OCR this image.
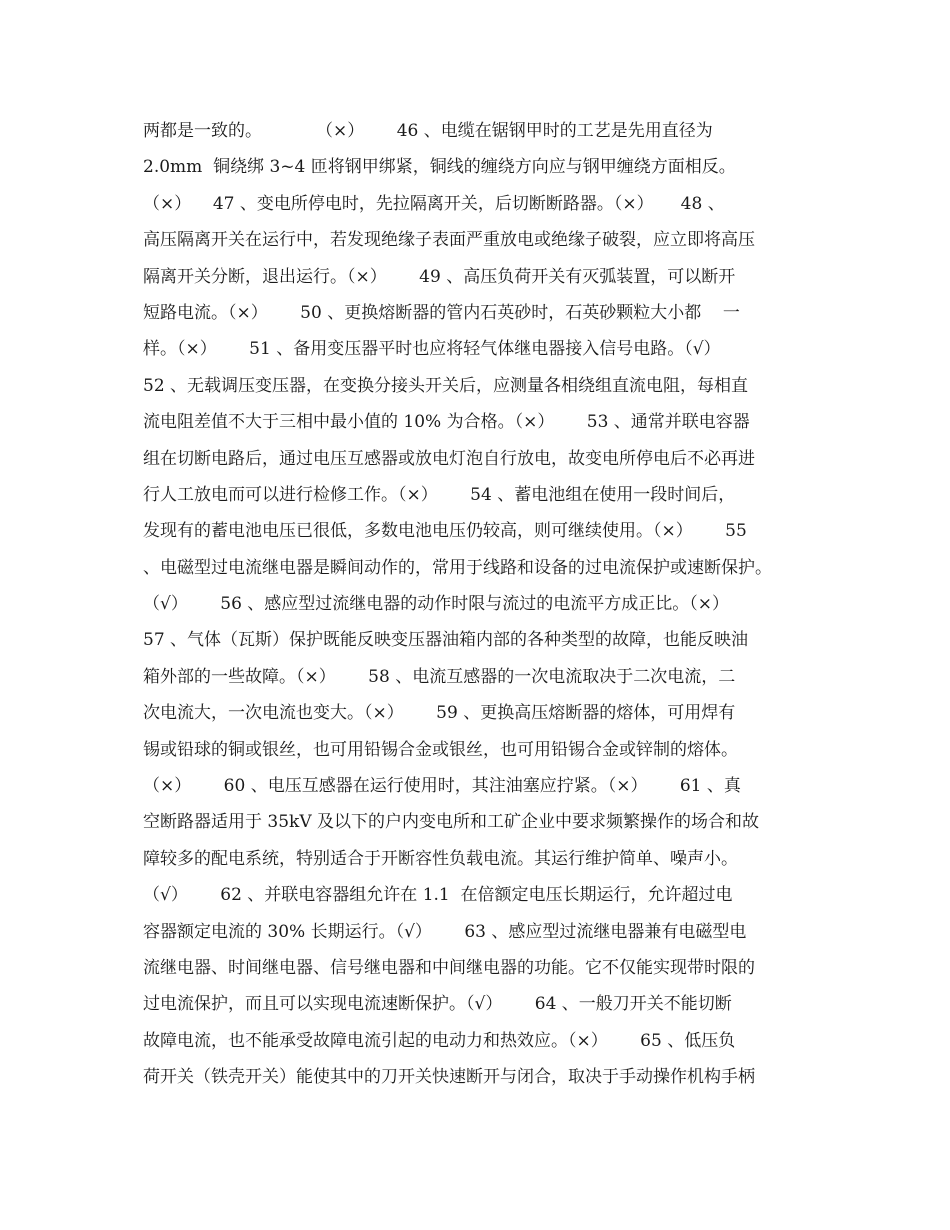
两都是一致的。          （×）      46 、电缆在锯钢甲时的工艺是先用直径为
2.0mm  铜绕绑 3~4 匝将钢甲绑紧，铜线的缠绕方向应与钢甲缠绕方面相反。
（×）    47 、变电所停电时，先拉隔离开关，后切断断路器。（×）     48 、
高压隔离开关在运行中，若发现绝缘子表面严重放电或绝缘子破裂，应立即将高压
隔离开关分断，退出运行。（×）      49 、高压负荷开关有灭弧装置，可以断开
短路电流。（×）      50 、更换熔断器的管内石英砂时，石英砂颗粒大小都    一
样。（×）      51 、备用变压器平时也应将轻气体继电器接入信号电路。（√）
52 、无载调压变压器，在变换分接头开关后，应测量各相绕组直流电阻，每相直
流电阻差值不大于三相中最小值的 10% 为合格。（×）      53 、通常并联电容器
组在切断电路后，通过电压互感器或放电灯泡自行放电，故变电所停电后不必再进
行人工放电而可以进行检修工作。（×）      54 、蓄电池组在使用一段时间后，
发现有的蓄电池电压已很低，多数电池电压仍较高，则可继续使用。（×）      55
、电磁型过电流继电器是瞬间动作的，常用于线路和设备的过电流保护或速断保护。
（√）      56 、感应型过流继电器的动作时限与流过的电流平方成正比。（×）
57 、气体（瓦斯）保护既能反映变压器油箱内部的各种类型的故障，也能反映油
箱外部的一些故障。（×）      58 、电流互感器的一次电流取决于二次电流，二
次电流大，一次电流也变大。（×）      59 、更换高压熔断器的熔体，可用焊有
锡或铅球的铜或银丝，也可用铅锡合金或银丝，也可用铅锡合金或锌制的熔体。
（×）      60 、电压互感器在运行使用时，其注油塞应拧紧。（×）      61 、真
空断路器适用于 35kV 及以下的户内变电所和工矿企业中要求频繁操作的场合和故
障较多的配电系统，特别适合于开断容性负载电流。其运行维护简单、噪声小。
（√）      62 、并联电容器组允许在 1.1  在倍额定电压长期运行，允许超过电
容器额定电流的 30% 长期运行。（√）      63 、感应型过流继电器兼有电磁型电
流继电器、时间继电器、信号继电器和中间继电器的功能。它不仅能实现带时限的
过电流保护，而且可以实现电流速断保护。（√）      64 、一般刀开关不能切断
故障电流，也不能承受故障电流引起的电动力和热效应。（×）      65 、低压负
荷开关（铁壳开关）能使其中的刀开关快速断开与闭合，取决于手动操作机构手柄
